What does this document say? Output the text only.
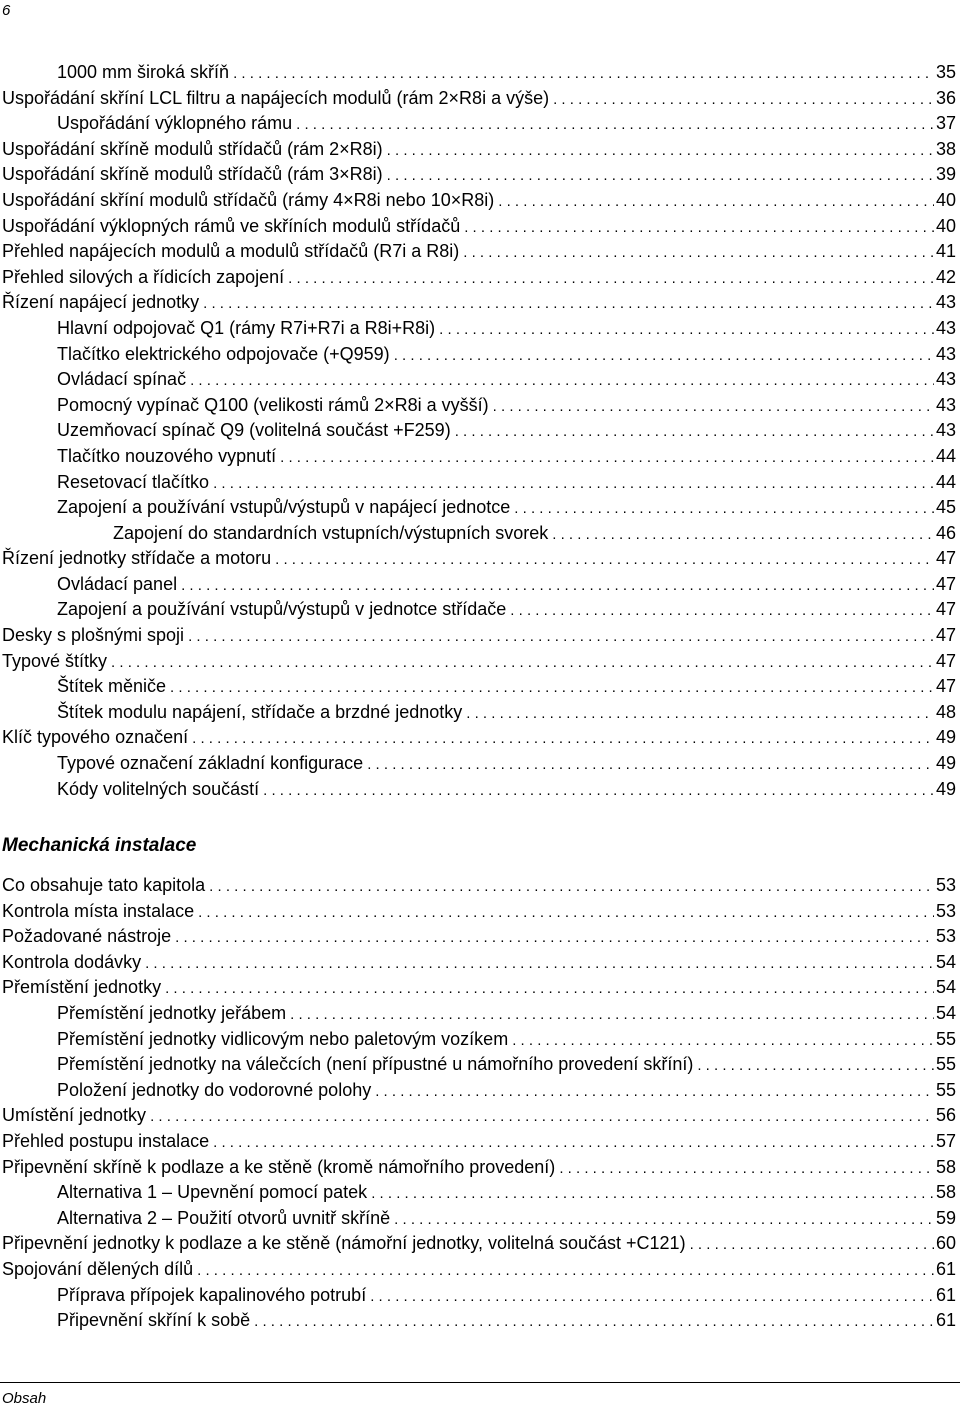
6
1000 mm široká skříň . . .	35
Uspořádání skříní LCL filtru a napájecích modulů (rám 2×R8i a výše) . . .	36
Uspořádání výklopného rámu . . .	37
Uspořádání skříně modulů střídačů (rám 2×R8i) . . .	38
Uspořádání skříně modulů střídačů (rám 3×R8i) . . .	39
Uspořádání skříní modulů střídačů (rámy 4×R8i nebo 10×R8i) . . .	40
Uspořádání výklopných rámů ve skříních modulů střídačů . . .	40
Přehled napájecích modulů a modulů střídačů (R7i a R8i) . . .	41
Přehled silových a řídicích zapojení . . .	42
Řízení napájecí jednotky . . .	43
Hlavní odpojovač Q1 (rámy R7i+R7i a R8i+R8i) . . .	43
Tlačítko elektrického odpojovače (+Q959) . . .	43
Ovládací spínač . . .	43
Pomocný vypínač Q100 (velikosti rámů 2×R8i a vyšší) . . .	43
Uzemňovací spínač Q9 (volitelná součást +F259) . . .	43
Tlačítko nouzového vypnutí . . .	44
Resetovací tlačítko . . .	44
Zapojení a používání vstupů/výstupů v napájecí jednotce . . .	45
Zapojení do standardních vstupních/výstupních svorek . . .	46
Řízení jednotky střídače a motoru . . .	47
Ovládací panel . . .	47
Zapojení a používání vstupů/výstupů v jednotce střídače . . .	47
Desky s plošnými spoji . . .	47
Typové štítky . . .	47
Štítek měniče . . .	47
Štítek modulu napájení, střídače a brzdné jednotky . . .	48
Klíč typového označení . . .	49
Typové označení základní konfigurace . . .	49
Kódy volitelných součástí . . .	49
Mechanická instalace
Co obsahuje tato kapitola . . .	53
Kontrola místa instalace . . .	53
Požadované nástroje . . .	53
Kontrola dodávky . . .	54
Přemístění jednotky . . .	54
Přemístění jednotky jeřábem . . .	54
Přemístění jednotky vidlicovým nebo paletovým vozíkem . . .	55
Přemístění jednotky na válečcích (není přípustné u námořního provedení skříní) . . .	55
Položení jednotky do vodorovné polohy . . .	55
Umístění jednotky . . .	56
Přehled postupu instalace . . .	57
Připevnění skříně k podlaze a ke stěně (kromě námořního provedení) . . .	58
Alternativa 1 – Upevnění pomocí patek . . .	58
Alternativa 2 – Použití otvorů uvnitř skříně . . .	59
Připevnění jednotky k podlaze a ke stěně (námořní jednotky, volitelná součást +C121) . . .	60
Spojování dělených dílů . . .	61
Příprava přípojek kapalinového potrubí . . .	61
Připevnění skříní k sobě . . .	61
Obsah
